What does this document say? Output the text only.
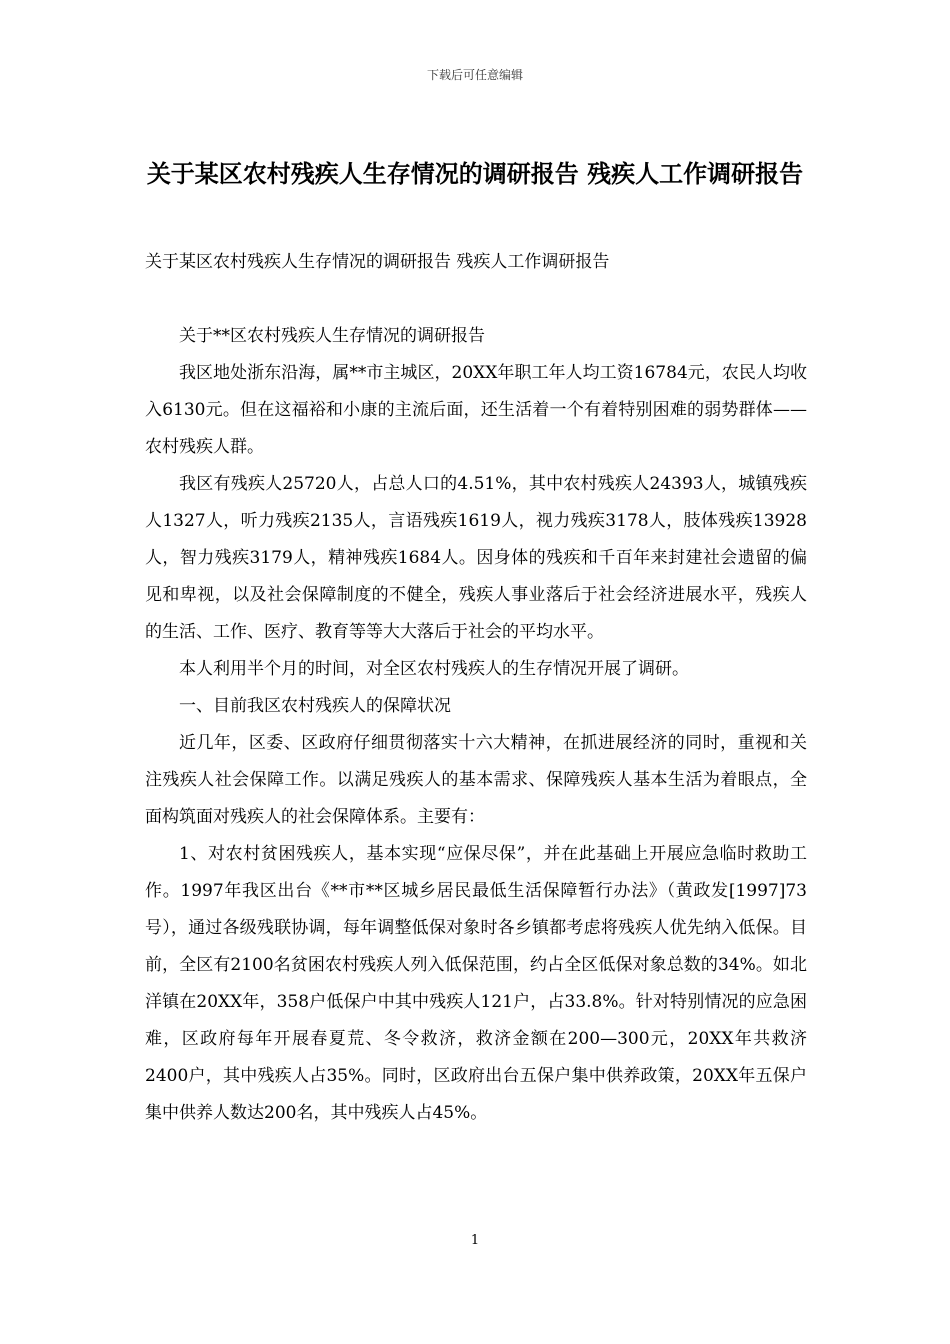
下载后可任意编辑
关于某区农村残疾人生存情况的调研报告 残疾人工作调研报告
关于某区农村残疾人生存情况的调研报告 残疾人工作调研报告

关于**区农村残疾人生存情况的调研报告

我区地处浙东沿海，属**市主城区，20XX年职工年人均工资16784元，农民人均收入6130元。但在这福裕和小康的主流后面，还生活着一个有着特别困难的弱势群体——农村残疾人群。

我区有残疾人25720人，占总人口的4.51%，其中农村残疾人24393人，城镇残疾人1327人，听力残疾2135人，言语残疾1619人，视力残疾3178人，肢体残疾13928人，智力残疾3179人，精神残疾1684人。因身体的残疾和千百年来封建社会遗留的偏见和卑视，以及社会保障制度的不健全，残疾人事业落后于社会经济进展水平，残疾人的生活、工作、医疗、教育等等大大落后于社会的平均水平。

本人利用半个月的时间，对全区农村残疾人的生存情况开展了调研。

一、目前我区农村残疾人的保障状况

近几年，区委、区政府仔细贯彻落实十六大精神，在抓进展经济的同时，重视和关注残疾人社会保障工作。以满足残疾人的基本需求、保障残疾人基本生活为着眼点，全面构筑面对残疾人的社会保障体系。主要有：

1、对农村贫困残疾人，基本实现“应保尽保”，并在此基础上开展应急临时救助工作。1997年我区出台《**市**区城乡居民最低生活保障暂行办法》（黄政发[1997]73号），通过各级残联协调，每年调整低保对象时各乡镇都考虑将残疾人优先纳入低保。目前，全区有2100名贫困农村残疾人列入低保范围，约占全区低保对象总数的34%。如北洋镇在20XX年，358户低保户中其中残疾人121户，占33.8%。针对特别情况的应急困难，区政府每年开展春夏荒、冬令救济，救济金额在200—300元，20XX年共救济2400户，其中残疾人占35%。同时，区政府出台五保户集中供养政策，20XX年五保户集中供养人数达200名，其中残疾人占45%。

1
